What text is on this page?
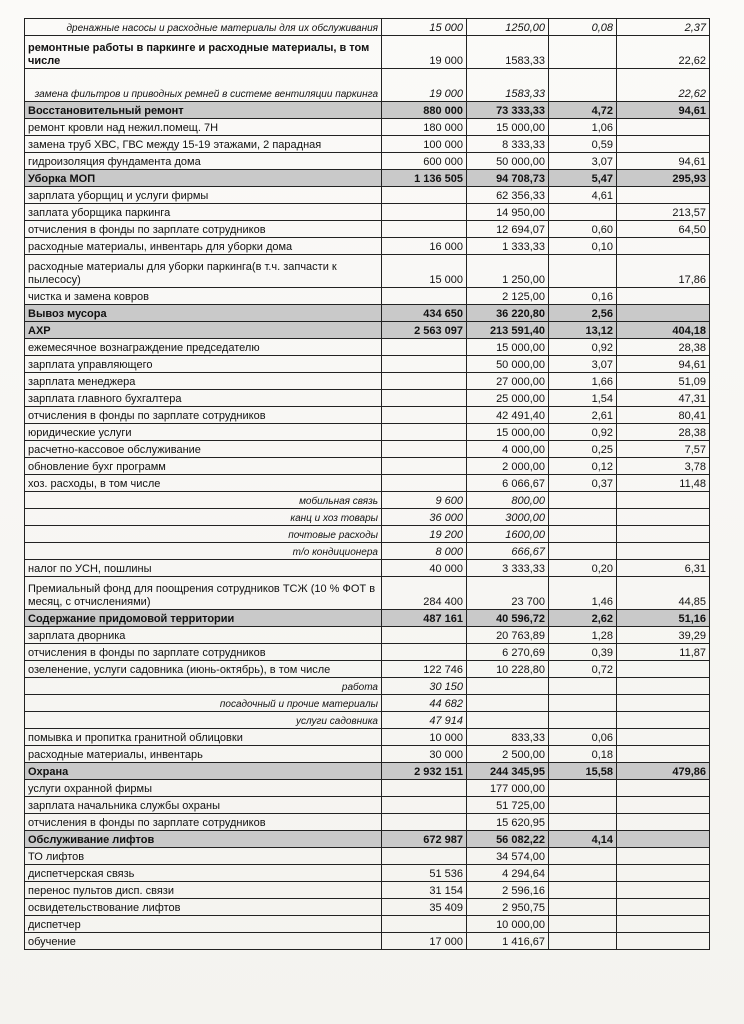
дренажные насосы и расходные материалы для их обслуживания	15 000	1250,00	0,08	2,37
ремонтные работы в паркинге и расходные материалы, в том числе	19 000	1583,33		22,62
замена фильтров и приводных ремней в системе вентиляции паркинга	19 000	1583,33		22,62
Восстановительный ремонт	880 000	73 333,33	4,72	94,61
ремонт кровли над нежил.помещ. 7Н	180 000	15 000,00	1,06	
замена труб ХВС, ГВС между 15-19 этажами, 2 парадная	100 000	8 333,33	0,59	
гидроизоляция фундамента дома	600 000	50 000,00	3,07	94,61
Уборка МОП	1 136 505	94 708,73	5,47	295,93
зарплата уборщиц и услуги фирмы		62 356,33	4,61	
заплата уборщика паркинга		14 950,00		213,57
отчисления в фонды по зарплате сотрудников		12 694,07	0,60	64,50
расходные материалы, инвентарь для уборки дома	16 000	1 333,33	0,10	
расходные материалы для уборки паркинга(в т.ч. запчасти к пылесосу)	15 000	1 250,00		17,86
чистка и замена ковров		2 125,00	0,16	
Вывоз мусора	434 650	36 220,80	2,56	
АХР	2 563 097	213 591,40	13,12	404,18
ежемесячное вознаграждение председателю		15 000,00	0,92	28,38
зарплата управляющего		50 000,00	3,07	94,61
зарплата менеджера		27 000,00	1,66	51,09
зарплата главного бухгалтера		25 000,00	1,54	47,31
отчисления в фонды по зарплате сотрудников		42 491,40	2,61	80,41
юридические услуги		15 000,00	0,92	28,38
расчетно-кассовое обслуживание		4 000,00	0,25	7,57
обновление бухг программ		2 000,00	0,12	3,78
хоз. расходы, в том числе		6 066,67	0,37	11,48
мобильная связь	9 600	800,00		
канц и хоз товары	36 000	3000,00		
почтовые расходы	19 200	1600,00		
т/о кондиционера	8 000	666,67		
налог по УСН, пошлины	40 000	3 333,33	0,20	6,31
Премиальный фонд для поощрения сотрудников ТСЖ (10 % ФОТ в месяц, с отчислениями)	284 400	23 700	1,46	44,85
Содержание придомовой территории	487 161	40 596,72	2,62	51,16
зарплата дворника		20 763,89	1,28	39,29
отчисления в фонды по зарплате сотрудников		6 270,69	0,39	11,87
озеленение, услуги садовника (июнь-октябрь), в том числе	122 746	10 228,80	0,72	
работа	30 150			
посадочный и прочие материалы	44 682			
услуги садовника	47 914			
помывка и пропитка гранитной облицовки	10 000	833,33	0,06	
расходные материалы, инвентарь	30 000	2 500,00	0,18	
Охрана	2 932 151	244 345,95	15,58	479,86
услуги охранной фирмы		177 000,00		
зарплата начальника службы охраны		51 725,00		
отчисления в фонды по зарплате сотрудников		15 620,95		
Обслуживание лифтов	672 987	56 082,22	4,14	
ТО лифтов		34 574,00		
диспетчерская связь	51 536	4 294,64		
перенос пультов дисп. связи	31 154	2 596,16		
освидетельствование лифтов	35 409	2 950,75		
диспетчер		10 000,00		
обучение	17 000	1 416,67		
